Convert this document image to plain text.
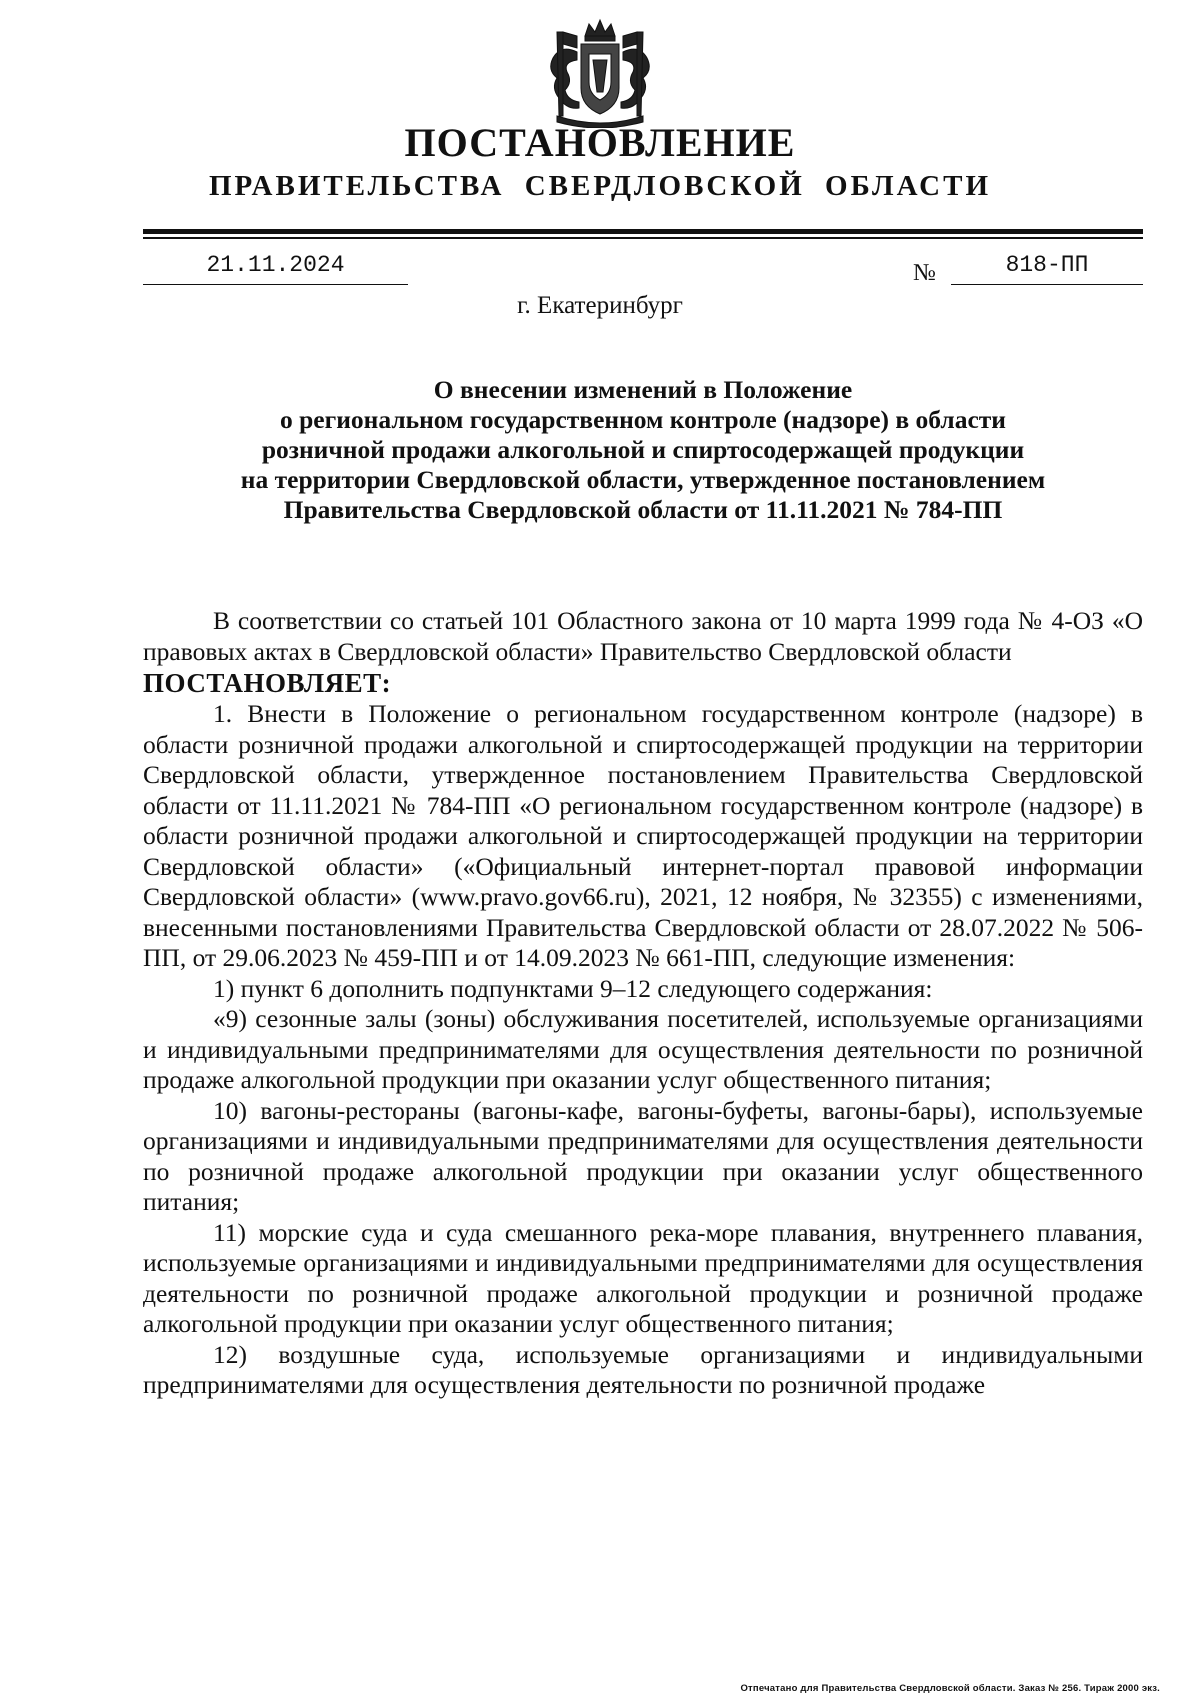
ПОСТАНОВЛЕНИЕ
ПРАВИТЕЛЬСТВА СВЕРДЛОВСКОЙ ОБЛАСТИ
21.11.2024	№	818-ПП
г. Екатеринбург
О внесении изменений в Положение
о региональном государственном контроле (надзоре) в области
розничной продажи алкогольной и спиртосодержащей продукции
на территории Свердловской области, утвержденное постановлением
Правительства Свердловской области от 11.11.2021 № 784-ПП

В соответствии со статьей 101 Областного закона от 10 марта 1999 года № 4-ОЗ «О правовых актах в Свердловской области» Правительство Свердловской области

ПОСТАНОВЛЯЕТ:

1. Внести в Положение о региональном государственном контроле (надзоре) в области розничной продажи алкогольной и спиртосодержащей продукции на территории Свердловской области, утвержденное постановлением Правительства Свердловской области от 11.11.2021 № 784-ПП «О региональном государственном контроле (надзоре) в области розничной продажи алкогольной и спиртосодержащей продукции на территории Свердловской области» («Официальный интернет-портал правовой информации Свердловской области» (www.pravo.gov66.ru), 2021, 12 ноября, № 32355) с изменениями, внесенными постановлениями Правительства Свердловской области от 28.07.2022 № 506-ПП, от 29.06.2023 № 459-ПП и от 14.09.2023 № 661-ПП, следующие изменения:

1) пункт 6 дополнить подпунктами 9–12 следующего содержания:

«9) сезонные залы (зоны) обслуживания посетителей, используемые организациями и индивидуальными предпринимателями для осуществления деятельности по розничной продаже алкогольной продукции при оказании услуг общественного питания;

10) вагоны-рестораны (вагоны-кафе, вагоны-буфеты, вагоны-бары), используемые организациями и индивидуальными предпринимателями для осуществления деятельности по розничной продаже алкогольной продукции при оказании услуг общественного питания;

11) морские суда и суда смешанного река-море плавания, внутреннего плавания, используемые организациями и индивидуальными предпринимателями для осуществления деятельности по розничной продаже алкогольной продукции и розничной продаже алкогольной продукции при оказании услуг общественного питания;

12) воздушные суда, используемые организациями и индивидуальными предпринимателями для осуществления деятельности по розничной продаже

Отпечатано для Правительства Свердловской области. Заказ № 256. Тираж 2000 экз.
